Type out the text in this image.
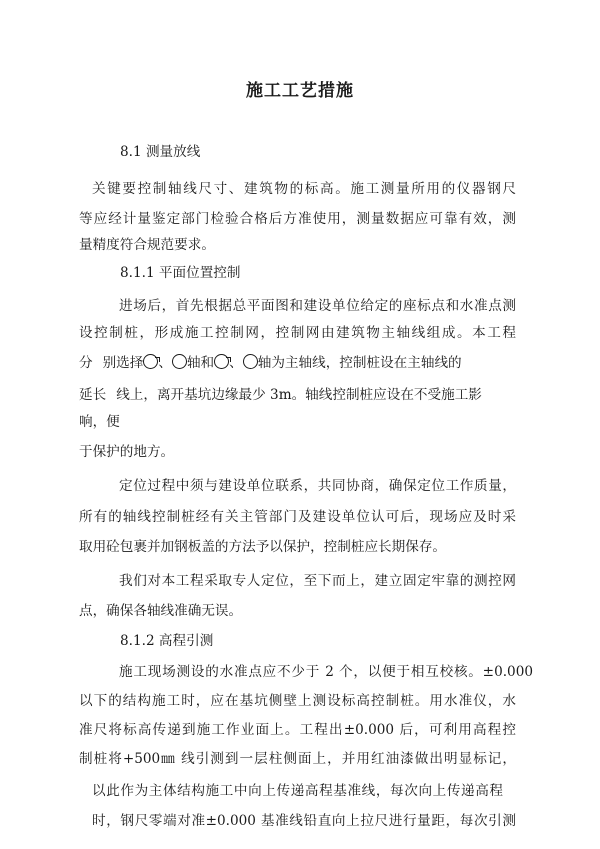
施工工艺措施
8.1 测量放线
关键要控制轴线尺寸、建筑物的标高。施工测量所用的仪器钢尺
等应经计量鉴定部门检验合格后方准使用，测量数据应可靠有效，测
量精度符合规范要求。
8.1.1 平面位置控制
进场后，首先根据总平面图和建设单位给定的座标点和水准点测
设控制桩，形成施工控制网，控制网由建筑物主轴线组成。本工程
分 别选择 、 轴和 、 轴为主轴线，控制桩设在主轴线的
延长 线上，离开基坑边缘最少 3m。轴线控制桩应设在不受施工影
响，便
于保护的地方。
定位过程中须与建设单位联系，共同协商，确保定位工作质量，
所有的轴线控制桩经有关主管部门及建设单位认可后，现场应及时采
取用砼包裹并加钢板盖的方法予以保护，控制桩应长期保存。
我们对本工程采取专人定位，至下而上，建立固定牢靠的测控网
点，确保各轴线准确无误。
8.1.2 高程引测
施工现场测设的水准点应不少于 2 个，以便于相互校核。±0.000
以下的结构施工时，应在基坑侧壁上测设标高控制桩。用水准仪，水
准尺将标高传递到施工作业面上。工程出±0.000 后，可利用高程控
制桩将+500㎜ 线引测到一层柱侧面上，并用红油漆做出明显标记，
以此作为主体结构施工中向上传递高程基准线，每次向上传递高程
时，钢尺零端对准±0.000 基准线铅直向上拉尺进行量距，每次引测
